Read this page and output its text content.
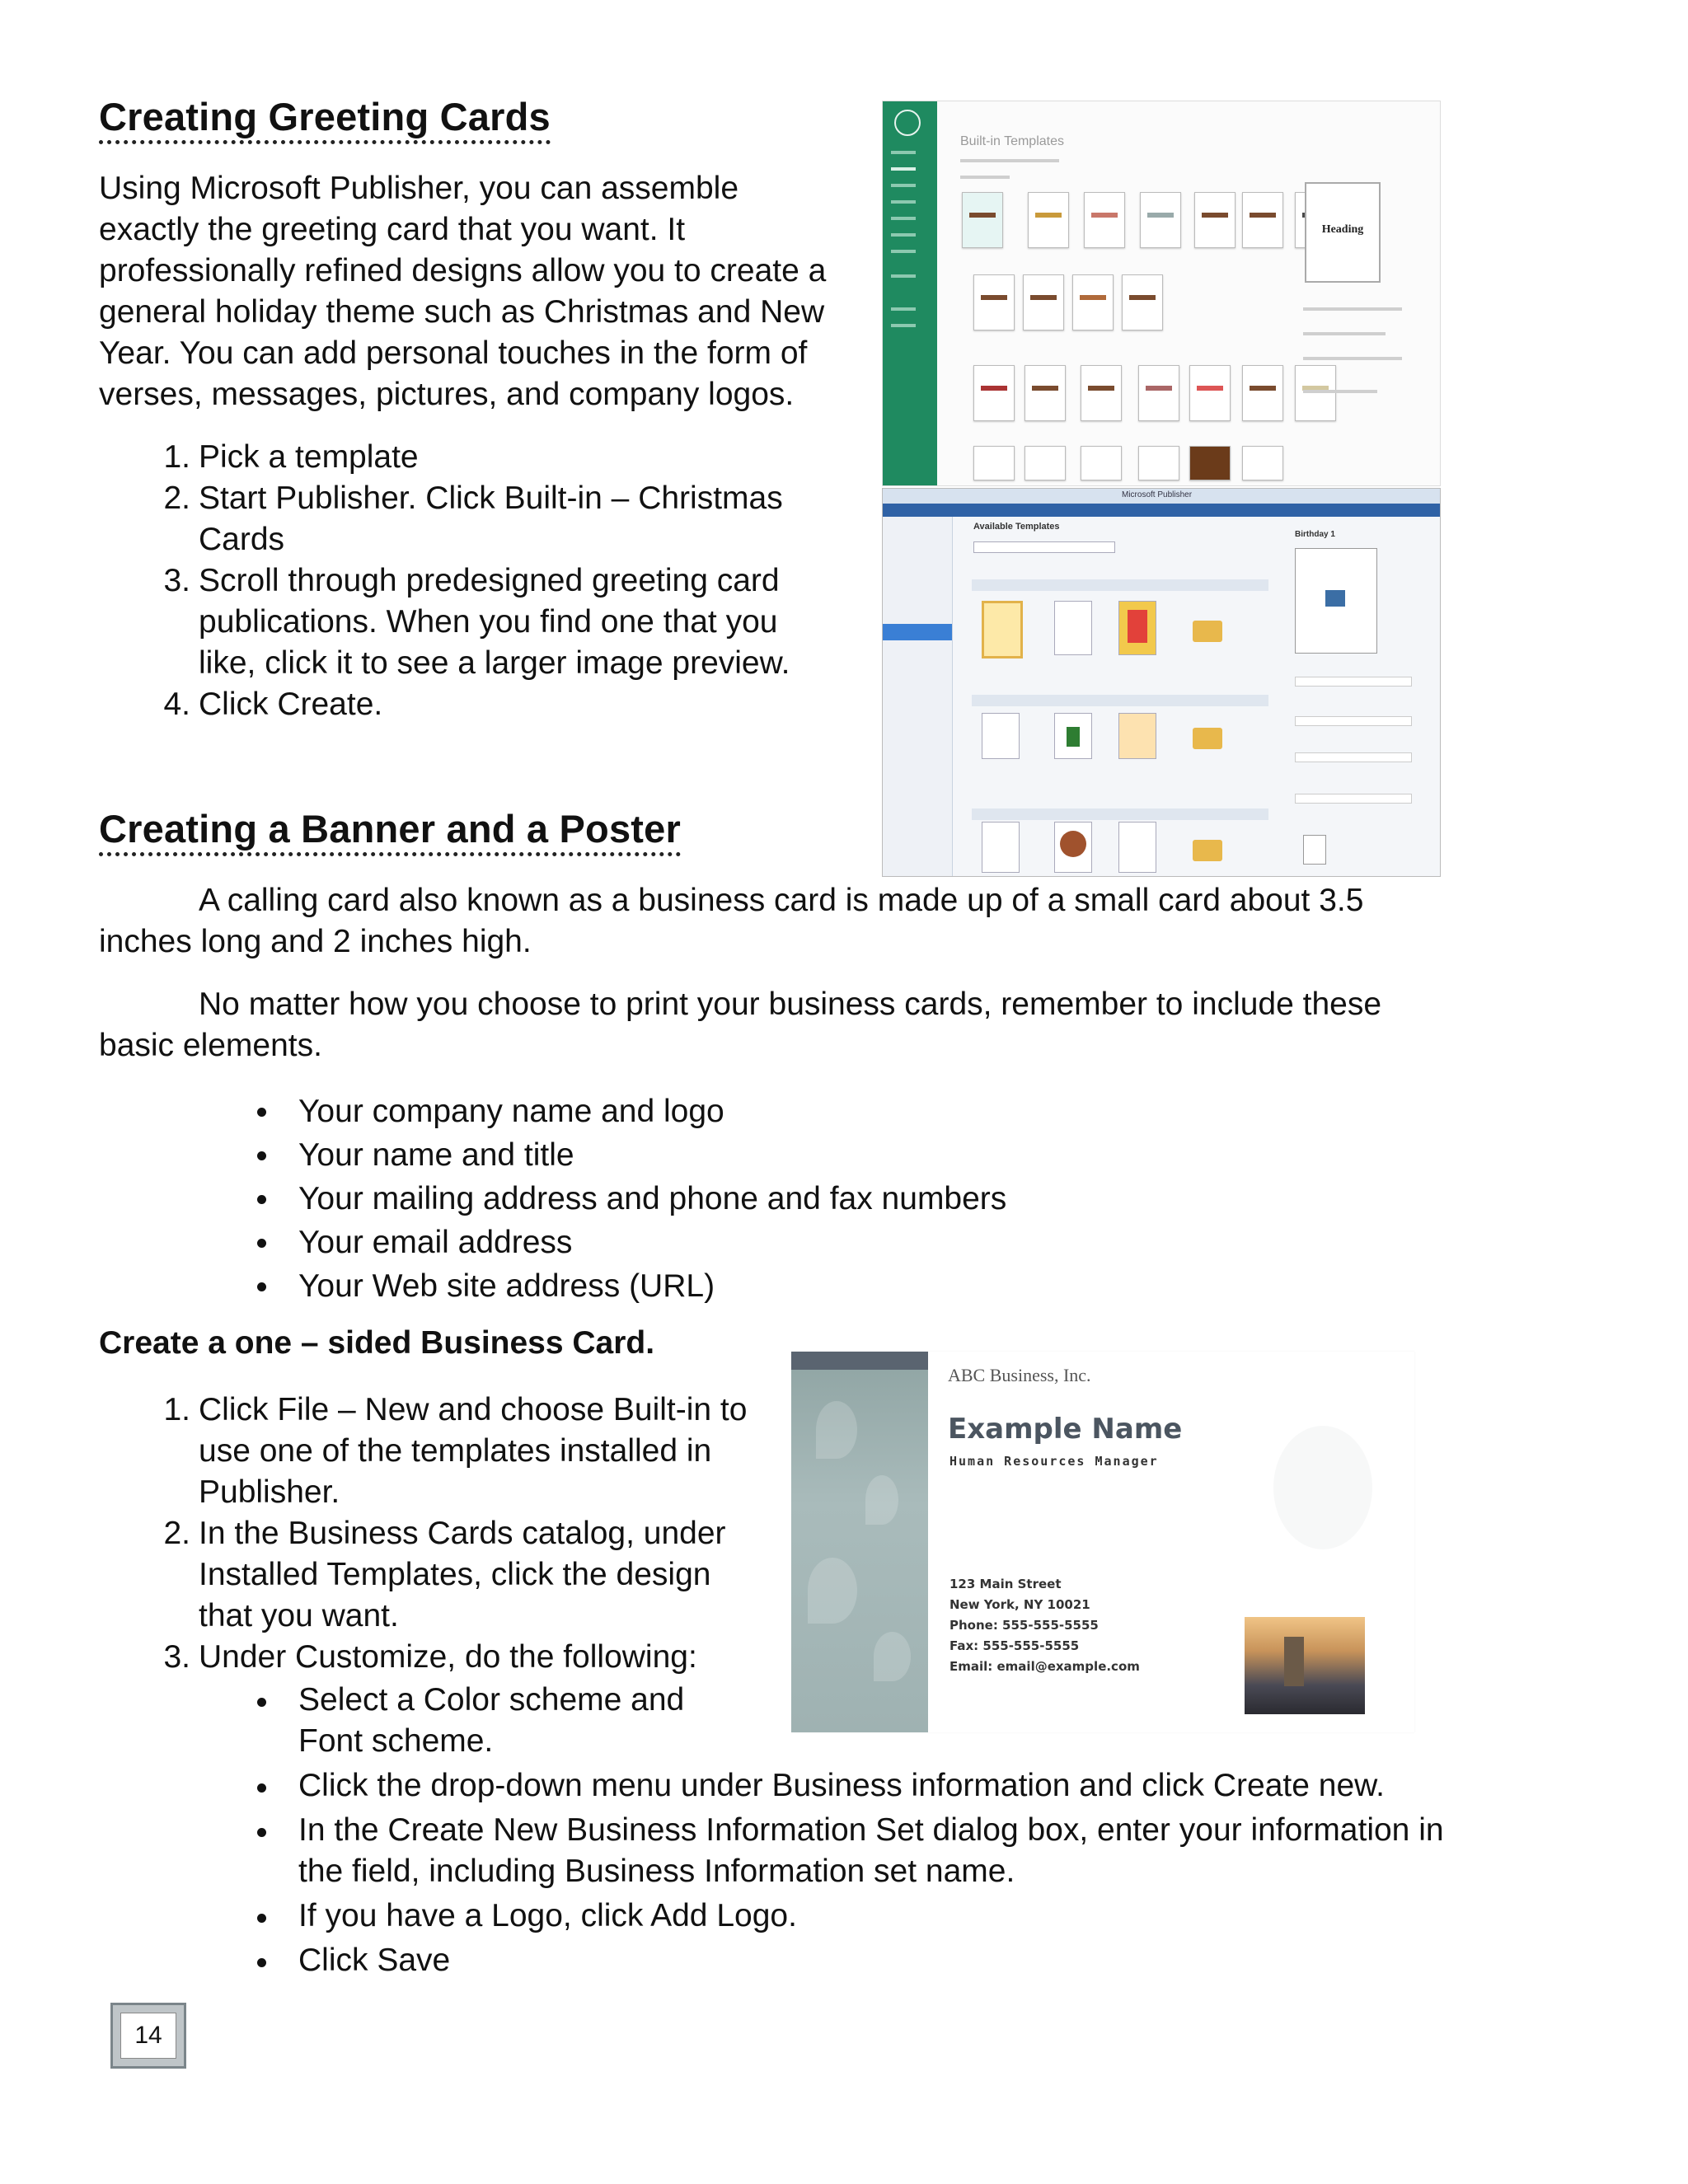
Creating Greeting Cards

Using Microsoft Publisher, you can assemble

exactly the greeting card that you want. It

professionally refined designs allow you to create a

general holiday theme such as Christmas and New

Year. You can add personal touches in the form of

verses, messages, pictures, and company logos.

1. Pick a template
2. Start Publisher. Click Built-in – Christmas
Cards
3. Scroll through predesigned greeting card
publications. When you find one that you
like, click it to see a larger image preview.
4. Click Create.
Built-in Templates
Heading
Microsoft Publisher
Available Templates
Birthday 1
Creating a Banner and a Poster

A calling card also known as a business card is made up of a small card about 3.5

inches long and 2 inches high.

No matter how you choose to print your business cards, remember to include these

basic elements.

Your company name and logo
Your name and title
Your mailing address and phone and fax numbers
Your email address
Your Web site address (URL)
Create a one – sided Business Card.
1. Click File – New and choose Built-in to
use one of the templates installed in
Publisher.
2. In the Business Cards catalog, under
Installed Templates, click the design
that you want.
3. Under Customize, do the following:
Select a Color scheme and
Font scheme.
Click the drop-down menu under Business information and click Create new.
In the Create New Business Information Set dialog box, enter your information in
the field, including Business Information set name.
If you have a Logo, click Add Logo.
Click Save
ABC Business, Inc.
Example Name
Human Resources Manager
123 Main Street
New York, NY 10021
Phone: 555-555-5555
Fax: 555-555-5555
Email: email@example.com
14
